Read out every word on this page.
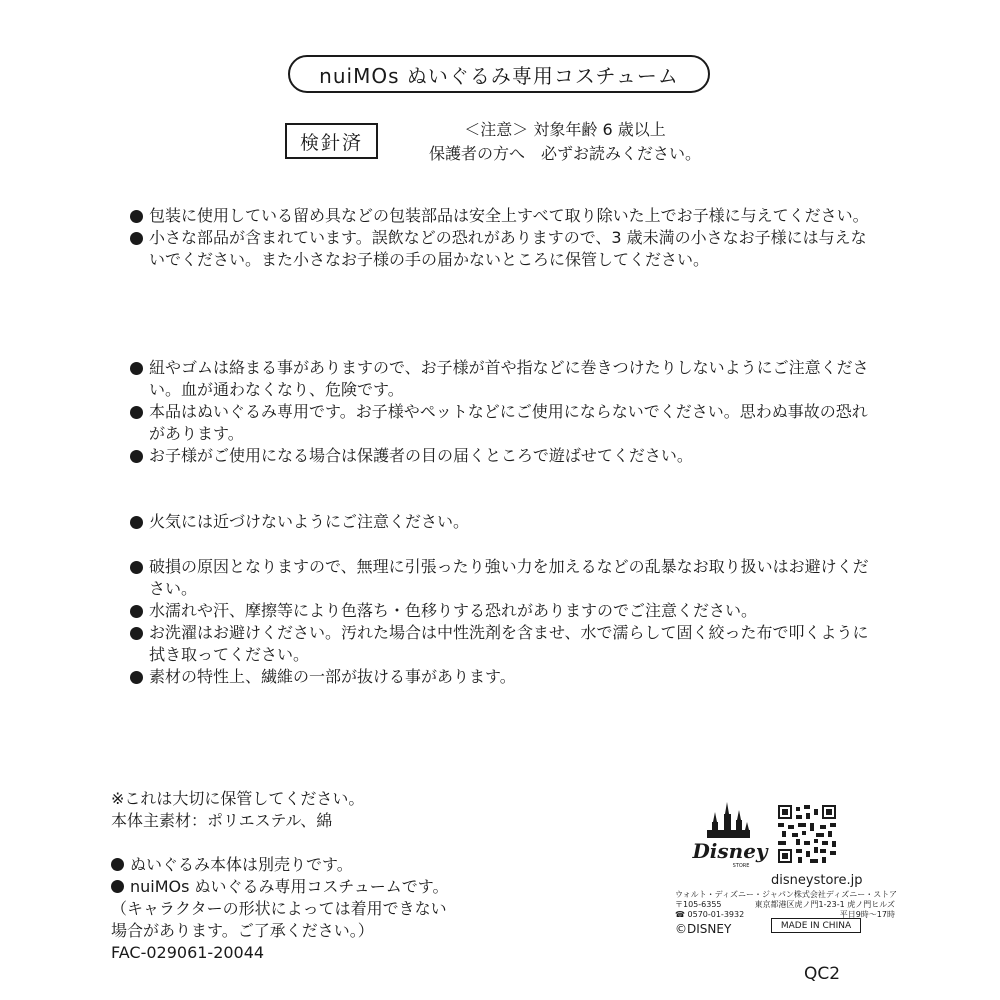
nuiMOs ぬいぐるみ専用コスチューム
検針済
＜注意＞ 対象年齢 6 歳以上
保護者の方へ　必ずお読みください。

包装に使用している留め具などの包装部品は安全上すべて取り除いた上でお子様に与えてください。

小さな部品が含まれています。誤飲などの恐れがありますので、3 歳未満の小さなお子様には与えないでください。また小さなお子様の手の届かないところに保管してください。

紐やゴムは絡まる事がありますので、お子様が首や指などに巻きつけたりしないようにご注意ください。血が通わなくなり、危険です。

本品はぬいぐるみ専用です。お子様やペットなどにご使用にならないでください。思わぬ事故の恐れがあります。

お子様がご使用になる場合は保護者の目の届くところで遊ばせてください。

火気には近づけないようにご注意ください。

破損の原因となりますので、無理に引張ったり強い力を加えるなどの乱暴なお取り扱いはお避けください。

水濡れや汗、摩擦等により色落ち・色移りする恐れがありますのでご注意ください。

お洗濯はお避けください。汚れた場合は中性洗剤を含ませ、水で濡らして固く絞った布で叩くように拭き取ってください。

素材の特性上、繊維の一部が抜ける事があります。

※これは大切に保管してください。
本体主素材：ポリエステル、綿
ぬいぐるみ本体は別売りです。
nuiMOs ぬいぐるみ専用コスチュームです。
（キャラクターの形状によっては着用できない
場合があります。ご了承ください。）
FAC-029061-20044
Disney
STORE
disneystore.jp
ウォルト・ディズニー・ジャパン株式会社 ディズニー・ストア
〒105-6355	東京都港区虎ノ門1-23-1 虎ノ門ヒルズ
☎ 0570-01-3932	平日9時～17時
©DISNEY	MADE IN CHINA
QC2
